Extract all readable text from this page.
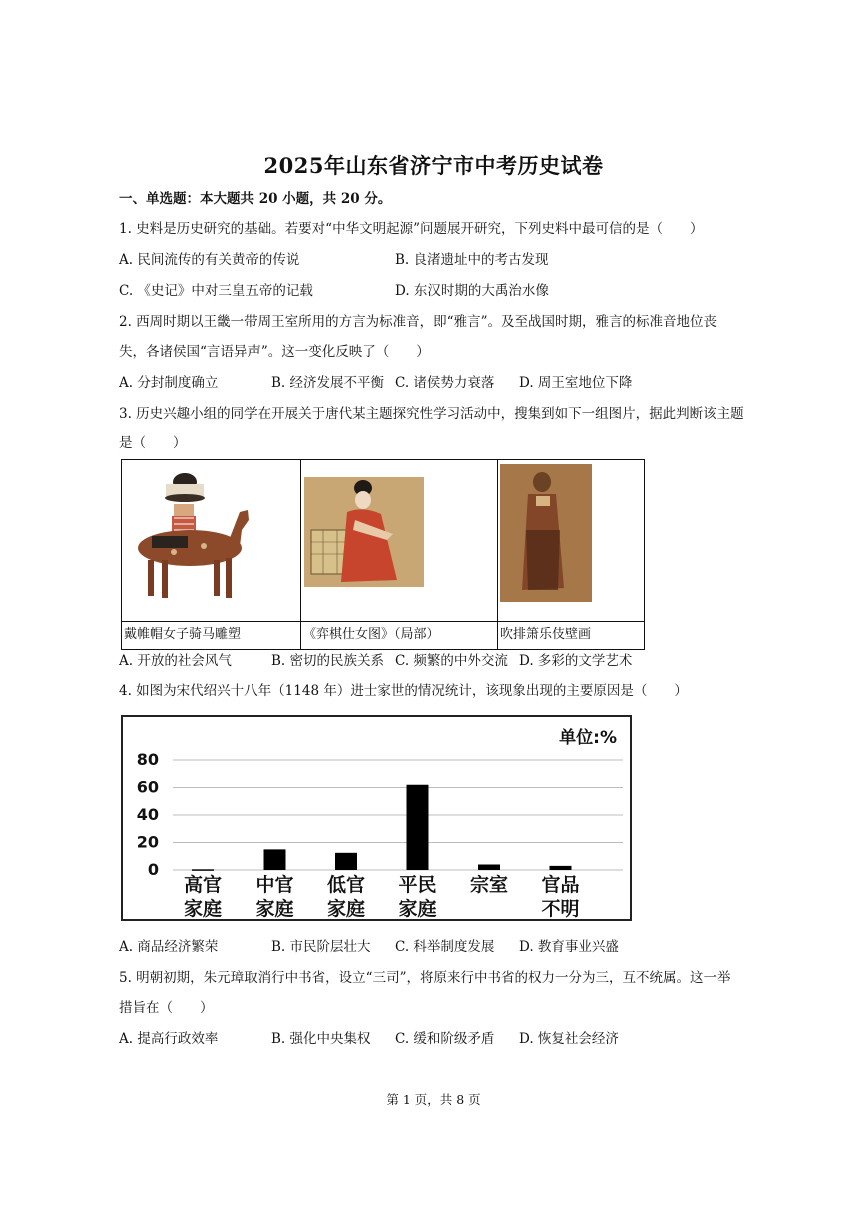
2025年山东省济宁市中考历史试卷
一、单选题：本大题共 20 小题，共 20 分。
1. 史料是历史研究的基础。若要对“中华文明起源”问题展开研究，下列史料中最可信的是（　　）
A. 民间流传的有关黄帝的传说	B. 良渚遗址中的考古发现
C. 《史记》中对三皇五帝的记载	D. 东汉时期的大禹治水像
2. 西周时期以王畿一带周王室所用的方言为标准音，即“雅言”。及至战国时期，雅言的标准音地位丧
失，各诸侯国“言语异声”。这一变化反映了（　　）
A. 分封制度确立	B. 经济发展不平衡 C. 诸侯势力衰落 D. 周王室地位下降
3. 历史兴趣小组的同学在开展关于唐代某主题探究性学习活动中，搜集到如下一组图片，据此判断该主题
是（　　）

戴帷帽女子骑马雕塑	《弈棋仕女图》（局部）	吹排箫乐伎壁画
A. 开放的社会风气	B. 密切的民族关系 C. 频繁的中外交流 D. 多彩的文学艺术
4. 如图为宋代绍兴十八年（1148 年）进士家世的情况统计，该现象出现的主要原因是（　　）
0
20
40
60
80
单位:%
高官
家庭
中官
家庭
低官
家庭
平民
家庭
宗室 官品
不明
A. 商品经济繁荣	B. 市民阶层壮大 C. 科举制度发展 D. 教育事业兴盛
5. 明朝初期，朱元璋取消行中书省，设立“三司”，将原来行中书省的权力一分为三，互不统属。这一举
措旨在（　　）
A. 提高行政效率	B. 强化中央集权 C. 缓和阶级矛盾 D. 恢复社会经济
第 1 页，共 8 页
